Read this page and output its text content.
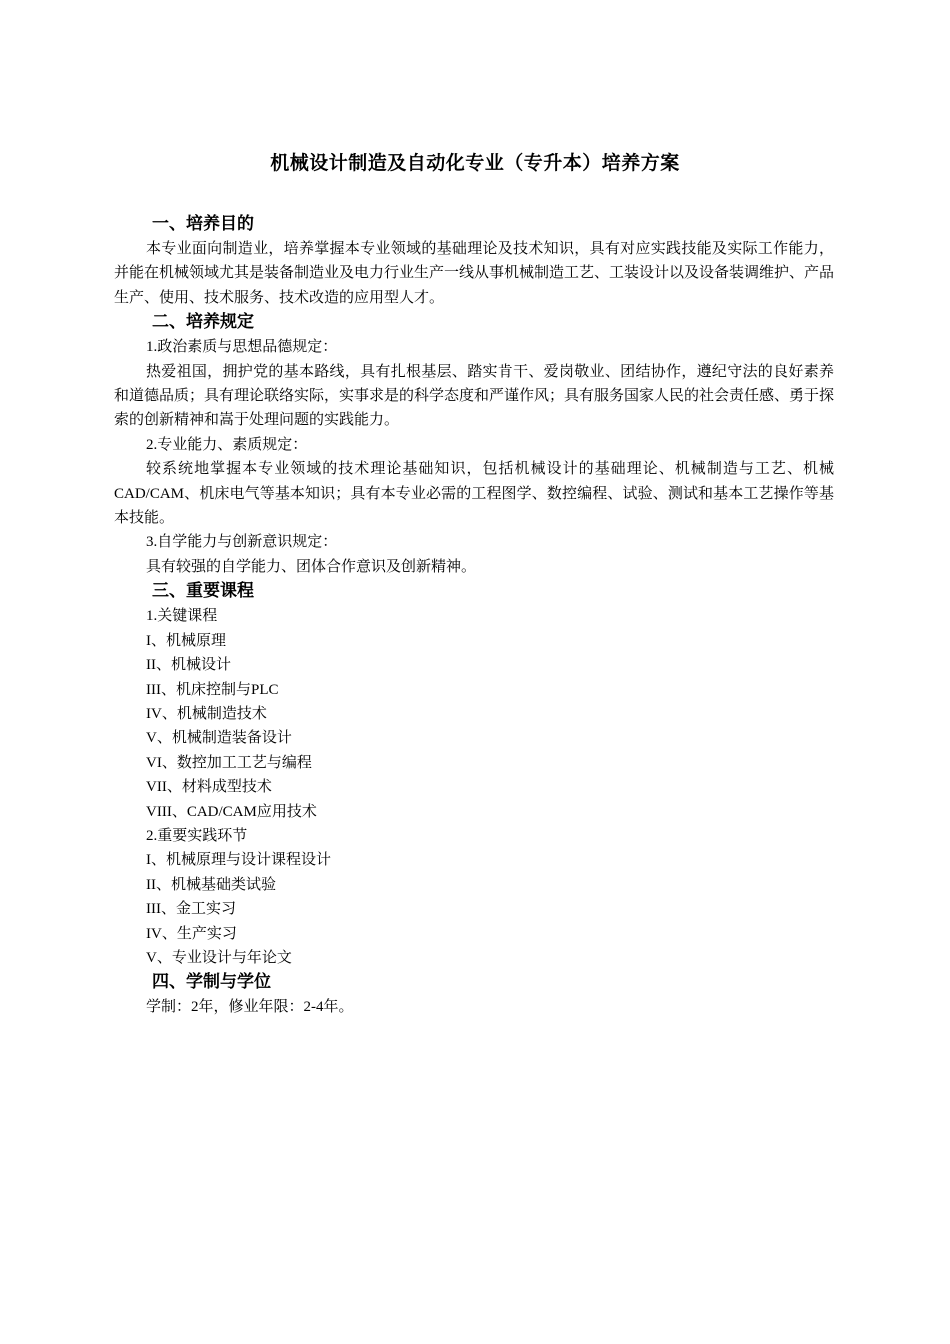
机械设计制造及自动化专业（专升本）培养方案
一、培养目的

本专业面向制造业，培养掌握本专业领域的基础理论及技术知识，具有对应实践技能及实际工作能力，并能在机械领域尤其是装备制造业及电力行业生产一线从事机械制造工艺、工装设计以及设备装调维护、产品生产、使用、技术服务、技术改造的应用型人才。

二、培养规定

1.政治素质与思想品德规定：

热爱祖国，拥护党的基本路线，具有扎根基层、踏实肯干、爱岗敬业、团结协作，遵纪守法的良好素养和道德品质；具有理论联络实际，实事求是的科学态度和严谨作风；具有服务国家人民的社会责任感、勇于探索的创新精神和嵩于处理问题的实践能力。

2.专业能力、素质规定：

较系统地掌握本专业领域的技术理论基础知识，包括机械设计的基础理论、机械制造与工艺、机械CAD/CAM、机床电气等基本知识；具有本专业必需的工程图学、数控编程、试验、测试和基本工艺操作等基本技能。

3.自学能力与创新意识规定：

具有较强的自学能力、团体合作意识及创新精神。

三、重要课程

1.关键课程

I、机械原理

II、机械设计

III、机床控制与PLC

IV、机械制造技术

V、机械制造装备设计

VI、数控加工工艺与编程

VII、材料成型技术

VIII、CAD/CAM应用技术

2.重要实践环节

I、机械原理与设计课程设计

II、机械基础类试验

III、金工实习

IV、生产实习

V、专业设计与年论文

四、学制与学位

学制：2年，修业年限：2-4年。
